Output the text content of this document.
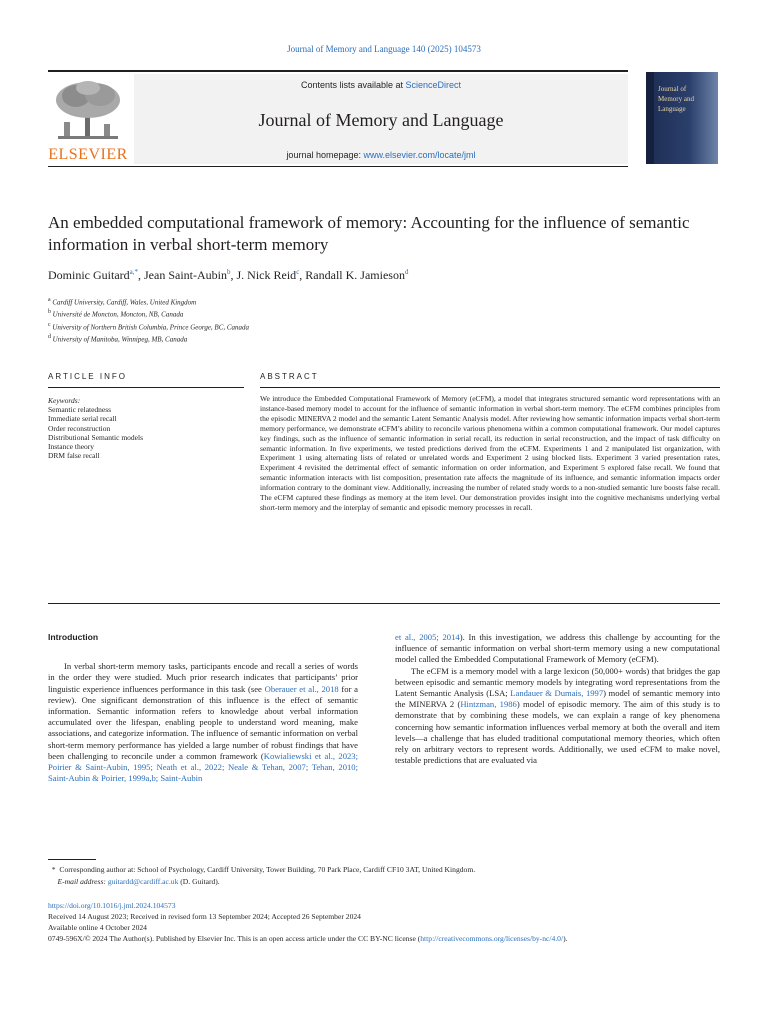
Journal of Memory and Language 140 (2025) 104573
ELSEVIER
Contents lists available at ScienceDirect
Journal of Memory and Language
journal homepage: www.elsevier.com/locate/jml
Journal of
Memory and
Language
An embedded computational framework of memory: Accounting for the influence of semantic information in verbal short-term memory
Dominic Guitard$^{a,*}$, Jean Saint-Aubin$^b$, J. Nick Reid$^c$, Randall K. Jamieson$^d$
$^a$ Cardiff University, Cardiff, Wales, United Kingdom
$^b$ Université de Moncton, Moncton, NB, Canada
$^c$ University of Northern British Columbia, Prince George, BC, Canada
$^d$ University of Manitoba, Winnipeg, MB, Canada
ARTICLE INFO	ABSTRACT
Keywords:
Semantic relatedness
Immediate serial recall
Order reconstruction
Distributional Semantic models
Instance theory
DRM false recall
We introduce the Embedded Computational Framework of Memory (eCFM), a model that integrates structured semantic word representations with an instance-based memory model to account for the influence of semantic information in verbal short-term memory. The eCFM combines principles from the episodic MINERVA 2 model and the semantic Latent Semantic Analysis model. After reviewing how semantic information impacts verbal short-term memory performance, we demonstrate eCFM’s ability to reconcile various phenomena within a common computational framework. Our model captures key findings, such as the influence of semantic information in serial recall, its reduction in serial reconstruction, and the impact of task difficulty on semantic information. In five experiments, we tested predictions derived from the eCFM. Experiments 1 and 2 manipulated list organization, with Experiment 1 using alternating lists of related or unrelated words and Experiment 2 using blocked lists. Experiment 3 varied presentation rates, Experiment 4 revisited the detrimental effect of semantic information on order information, and Experiment 5 explored false recall. We found that semantic information interacts with list composition, presentation rate affects the magnitude of its influence, and semantic information impacts order information contrary to the dominant view. Additionally, increasing the number of related study words to a non-studied semantic lure boosts false recall. The eCFM captured these findings as memory at the item level. Our demonstration provides insight into the cognitive mechanisms underlying verbal short-term memory and the interplay of semantic and episodic memory processes in recall.
Introduction

In verbal short-term memory tasks, participants encode and recall a series of words in the order they were studied. Much prior research indicates that participants’ prior linguistic experience influences performance in this task (see Oberauer et al., 2018 for a review). One significant demonstration of this influence is the effect of semantic information. Semantic information refers to knowledge about verbal information accumulated over the lifespan, enabling people to understand word meaning, make associations, and categorize information. The influence of semantic information on verbal short-term memory performance has yielded a large number of robust findings that have been challenging to reconcile under a common framework (Kowialiewski et al., 2023; Poirier & Saint-Aubin, 1995; Neath et al., 2022; Neale & Tehan, 2007; Tehan, 2010; Saint-Aubin & Poirier, 1999a,b; Saint-Aubin

et al., 2005; 2014). In this investigation, we address this challenge by accounting for the influence of semantic information on verbal short-term memory using a new computational model called the Embedded Computational Framework of Memory (eCFM).

The eCFM is a memory model with a large lexicon (50,000+ words) that bridges the gap between episodic and semantic memory models by integrating word representations from the Latent Semantic Analysis (LSA; Landauer & Dumais, 1997) model of semantic memory into the MINERVA 2 (Hintzman, 1986) model of episodic memory. The aim of this study is to demonstrate that by combining these models, we can explain a range of key phenomena concerning how semantic information influences verbal memory at both the overall and item levels—a challenge that has eluded traditional computational memory theories, which often rely on arbitrary vectors to represent words. Additionally, we used eCFM to make novel, testable predictions that are evaluated via

* Corresponding author at: School of Psychology, Cardiff University, Tower Building, 70 Park Place, Cardiff CF10 3AT, United Kingdom.
E-mail address: guitardd@cardiff.ac.uk (D. Guitard).
https://doi.org/10.1016/j.jml.2024.104573
Received 14 August 2023; Received in revised form 13 September 2024; Accepted 26 September 2024
Available online 4 October 2024
0749-596X/© 2024 The Author(s). Published by Elsevier Inc. This is an open access article under the CC BY-NC license (http://creativecommons.org/licenses/by-nc/4.0/).
